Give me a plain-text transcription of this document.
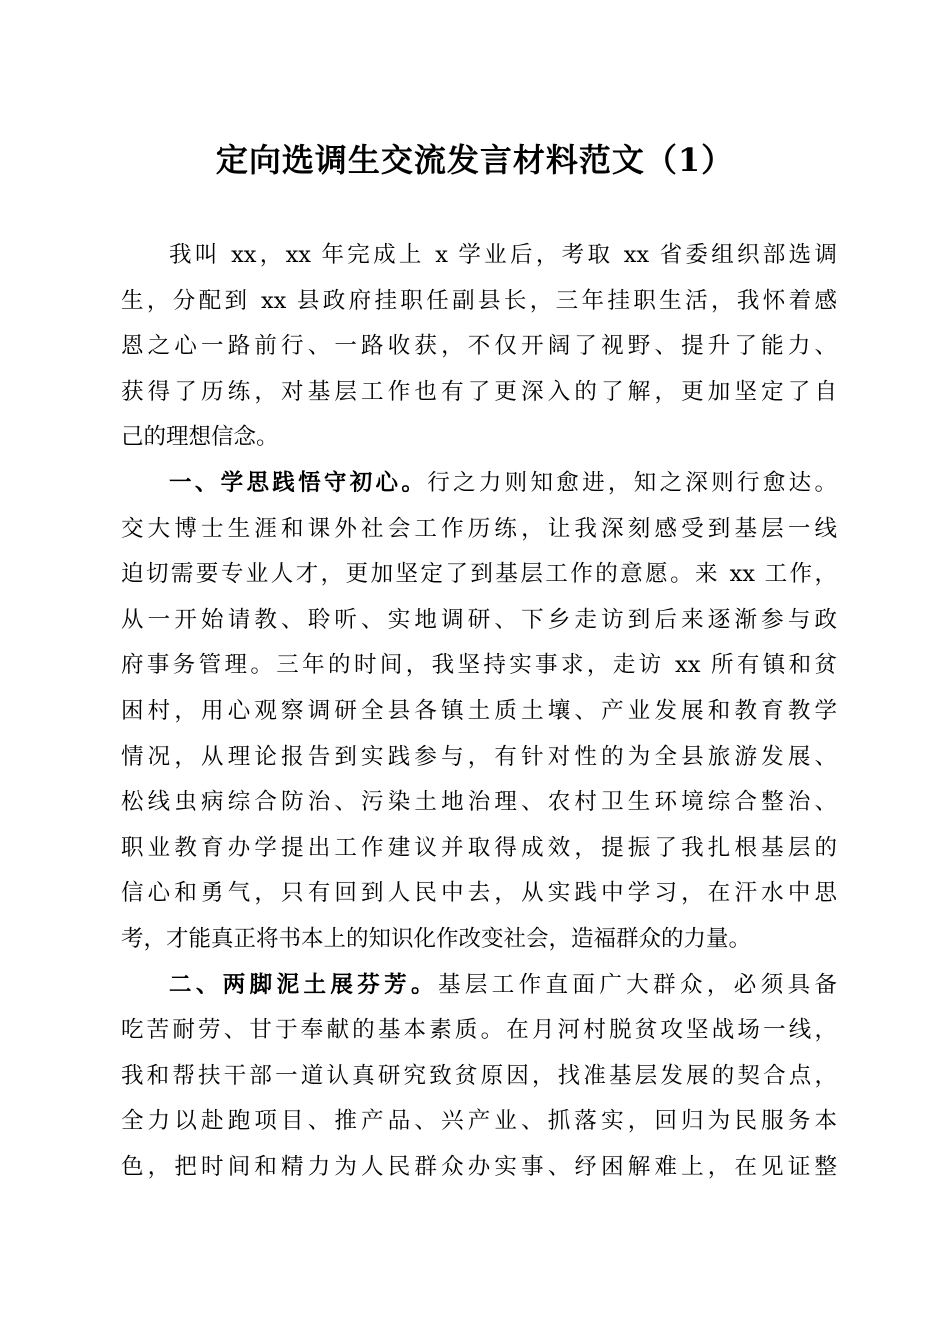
定向选调生交流发言材料范文（1）
我叫 xx，xx 年完成上 x 学业后，考取 xx 省委组织部选调
生，分配到 xx 县政府挂职任副县长，三年挂职生活，我怀着感
恩之心一路前行、一路收获，不仅开阔了视野、提升了能力、
获得了历练，对基层工作也有了更深入的了解，更加坚定了自
己的理想信念。
一、学思践悟守初心。行之力则知愈进，知之深则行愈达。
交大博士生涯和课外社会工作历练，让我深刻感受到基层一线
迫切需要专业人才，更加坚定了到基层工作的意愿。来 xx 工作，
从一开始请教、聆听、实地调研、下乡走访到后来逐渐参与政
府事务管理。三年的时间，我坚持实事求，走访 xx 所有镇和贫
困村，用心观察调研全县各镇土质土壤、产业发展和教育教学
情况，从理论报告到实践参与，有针对性的为全县旅游发展、
松线虫病综合防治、污染土地治理、农村卫生环境综合整治、
职业教育办学提出工作建议并取得成效，提振了我扎根基层的
信心和勇气，只有回到人民中去，从实践中学习，在汗水中思
考，才能真正将书本上的知识化作改变社会，造福群众的力量。
二、两脚泥土展芬芳。基层工作直面广大群众，必须具备
吃苦耐劳、甘于奉献的基本素质。在月河村脱贫攻坚战场一线，
我和帮扶干部一道认真研究致贫原因，找准基层发展的契合点，
全力以赴跑项目、推产品、兴产业、抓落实，回归为民服务本
色，把时间和精力为人民群众办实事、纾困解难上，在见证整
